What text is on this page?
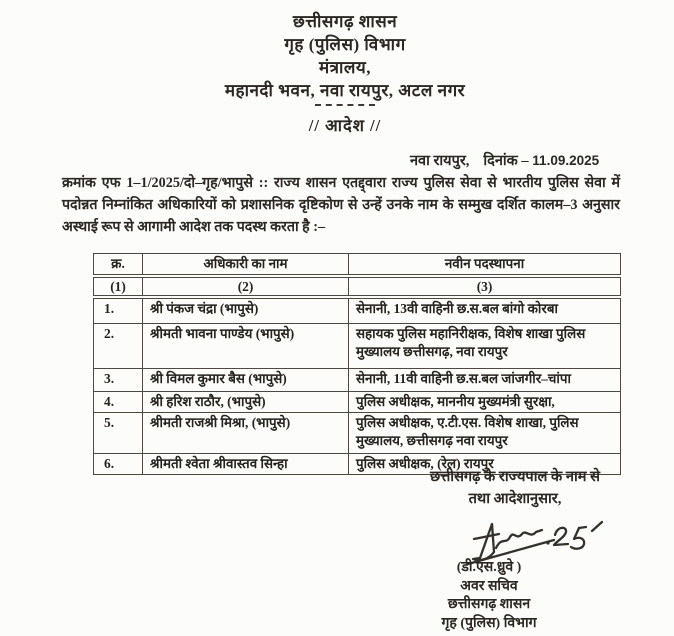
छत्तीसगढ़ शासन
गृह (पुलिस) विभाग
मंत्रालय,
महानदी भवन, नवा रायपुर, अटल नगर
// आदेश //
नवा रायपुर, दिनांक – 11.09.2025
क्रमांक एफ 1–1/2025/दो–गृह/भापुसे :: राज्य शासन एतद्द्वारा राज्य पुलिस सेवा से भारतीय पुलिस सेवा में पदोन्नत निम्नांकित अधिकारियों को प्रशासनिक दृष्टिकोण से उन्हें उनके नाम के सम्मुख दर्शित कालम–3 अनुसार अस्थाई रूप से आगामी आदेश तक पदस्थ करता है :–
क्र.	अधिकारी का नाम	नवीन पदस्थापना
(1)	(2)	(3)
1.	श्री पंकज चंद्रा (भापुसे)	सेनानी, 13वी वाहिनी छ.स.बल बांगो कोरबा
2.	श्रीमती भावना पाण्डेय (भापुसे)	सहायक पुलिस महानिरीक्षक, विशेष शाखा पुलिस मुख्यालय छत्तीसगढ़, नवा रायपुर
3.	श्री विमल कुमार बैस (भापुसे)	सेनानी, 11वी वाहिनी छ.स.बल जांजगीर–चांपा
4.	श्री हरिश राठौर, (भापुसे)	पुलिस अधीक्षक, माननीय मुख्यमंत्री सुरक्षा,
5.	श्रीमती राजश्री मिश्रा, (भापुसे)	पुलिस अधीक्षक, ए.टी.एस. विशेष शाखा, पुलिस मुख्यालय, छत्तीसगढ़ नवा रायपुर
6.	श्रीमती श्वेता श्रीवास्तव सिन्हा	पुलिस अधीक्षक, (रेल) रायपुर
छत्तीसगढ़ के राज्यपाल के नाम से
तथा आदेशानुसार,
(डी.एस.ध्रुवे )
अवर सचिव
छत्तीसगढ़ शासन
गृह (पुलिस) विभाग
